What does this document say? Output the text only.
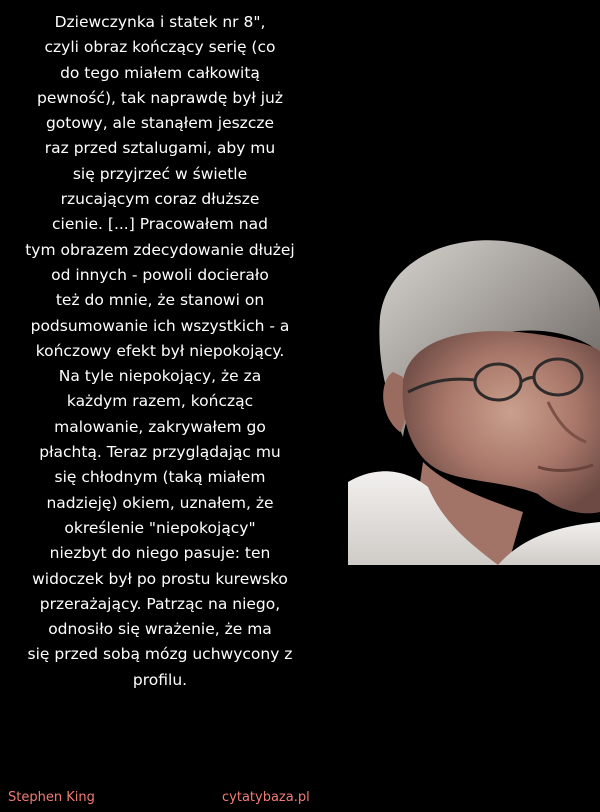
Dziewczynka i statek nr 8",
czyli obraz kończący serię (co
do tego miałem całkowitą
pewność), tak naprawdę był już
gotowy, ale stanąłem jeszcze
raz przed sztalugami, aby mu
się przyjrzeć w świetle
rzucającym coraz dłuższe
cienie. [...] Pracowałem nad
tym obrazem zdecydowanie dłużej
od innych - powoli docierało
też do mnie, że stanowi on
podsumowanie ich wszystkich - a
kończowy efekt był niepokojący.
Na tyle niepokojący, że za
każdym razem, kończąc
malowanie, zakrywałem go
płachtą. Teraz przyglądając mu
się chłodnym (taką miałem
nadzieję) okiem, uznałem, że
określenie "niepokojący"
niezbyt do niego pasuje: ten
widoczek był po prostu kurewsko
przerażający. Patrząc na niego,
odnosiło się wrażenie, że ma
się przed sobą mózg uchwycony z
profilu.
Stephen King	cytatybaza.pl
